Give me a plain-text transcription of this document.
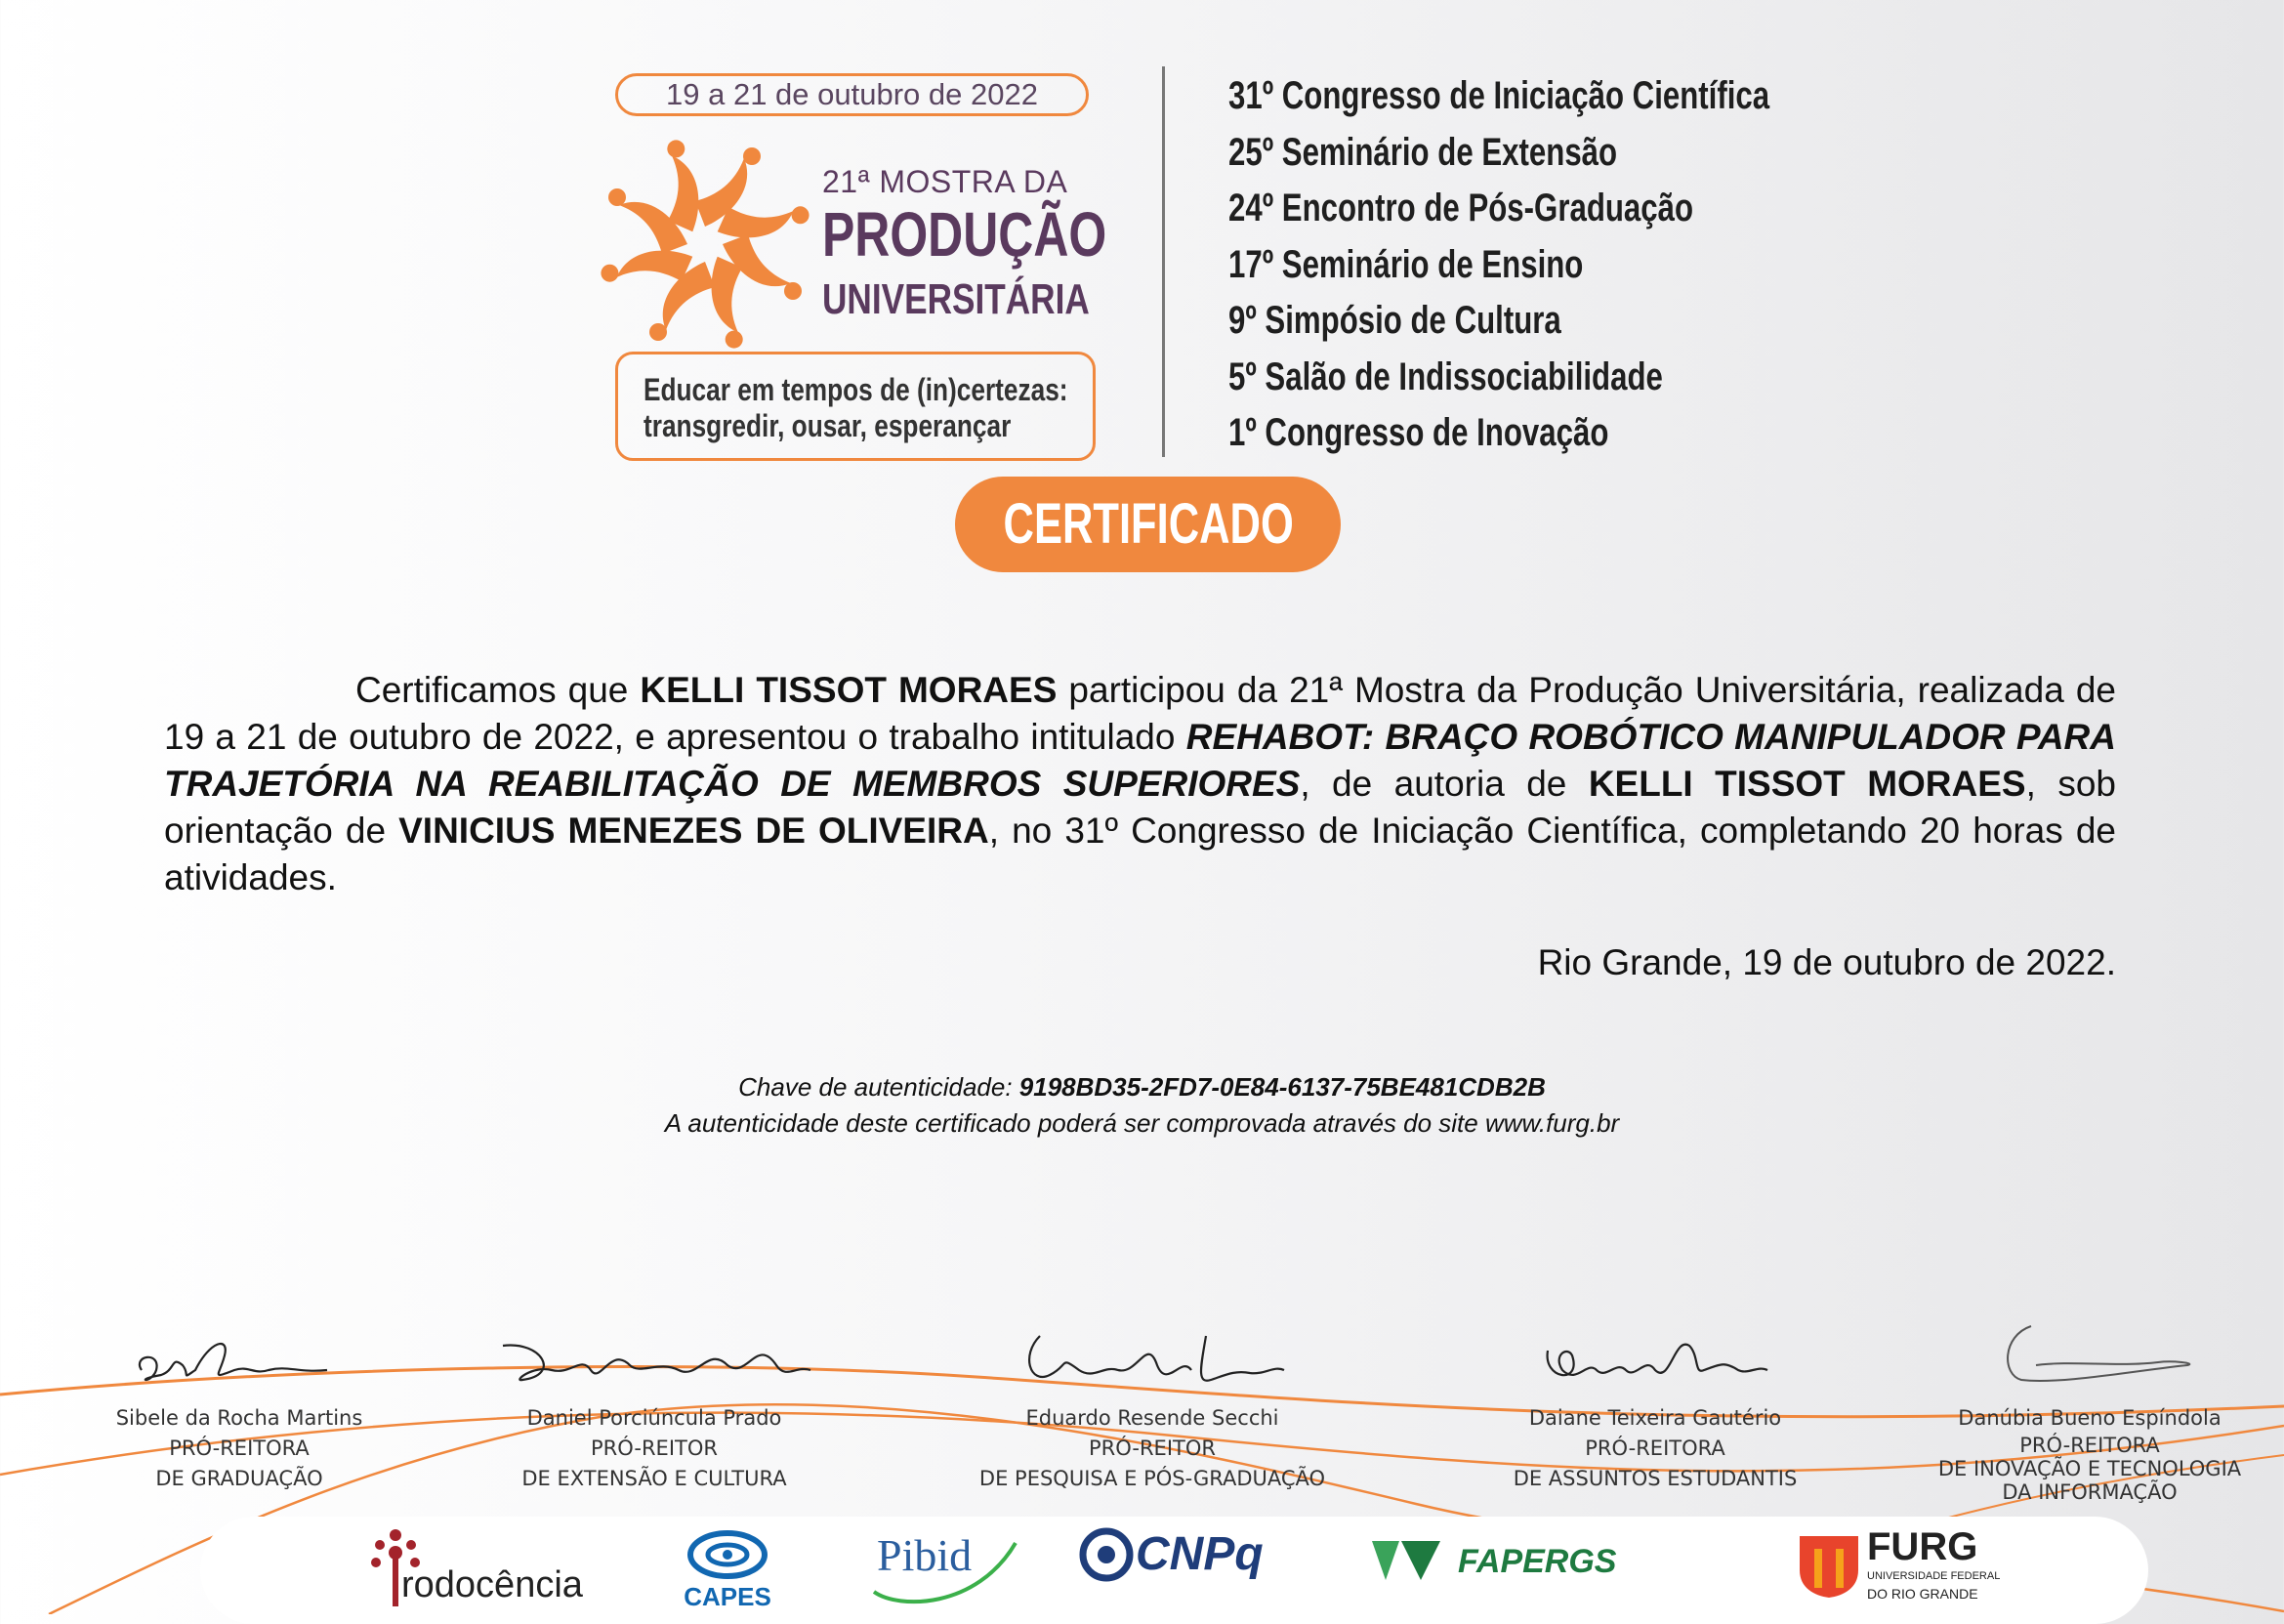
19 a 21 de outubro de 2022
21ª MOSTRA DA
PRODUÇÃO
UNIVERSITÁRIA
Educar em tempos de (in)certezas:
transgredir, ousar, esperançar
31º Congresso de Iniciação Científica
25º Seminário de Extensão
24º Encontro de Pós-Graduação
17º Seminário de Ensino
9º Simpósio de Cultura
5º Salão de Indissociabilidade
1º Congresso de Inovação
CERTIFICADO
Certificamos que KELLI TISSOT MORAES participou da 21ª Mostra da Produção Universitária, realizada de 19 a 21 de outubro de 2022, e apresentou o trabalho intitulado REHABOT: BRAÇO ROBÓTICO MANIPULADOR PARA TRAJETÓRIA NA REABILITAÇÃO DE MEMBROS SUPERIORES, de autoria de KELLI TISSOT MORAES, sob orientação de VINICIUS MENEZES DE OLIVEIRA, no 31º Congresso de Iniciação Científica, completando 20 horas de atividades.
Rio Grande, 19 de outubro de 2022.
Chave de autenticidade: 9198BD35-2FD7-0E84-6137-75BE481CDB2B
A autenticidade deste certificado poderá ser comprovada através do site www.furg.br
Sibele da Rocha Martins
PRÓ-REITORA
DE GRADUAÇÃO
Daniel Porciúncula Prado
PRÓ-REITOR
DE EXTENSÃO E CULTURA
Eduardo Resende Secchi
PRÓ-REITOR
DE PESQUISA E PÓS-GRADUAÇÃO
Daiane Teixeira Gautério
PRÓ-REITORA
DE ASSUNTOS ESTUDANTIS
Danúbia Bueno Espíndola
PRÓ-REITORA
DE INOVAÇÃO E TECNOLOGIA
DA INFORMAÇÃO
rodocência	CAPES
Pibid	CNPq	FAPERGS	FURG
UNIVERSIDADE FEDERAL
DO RIO GRANDE
